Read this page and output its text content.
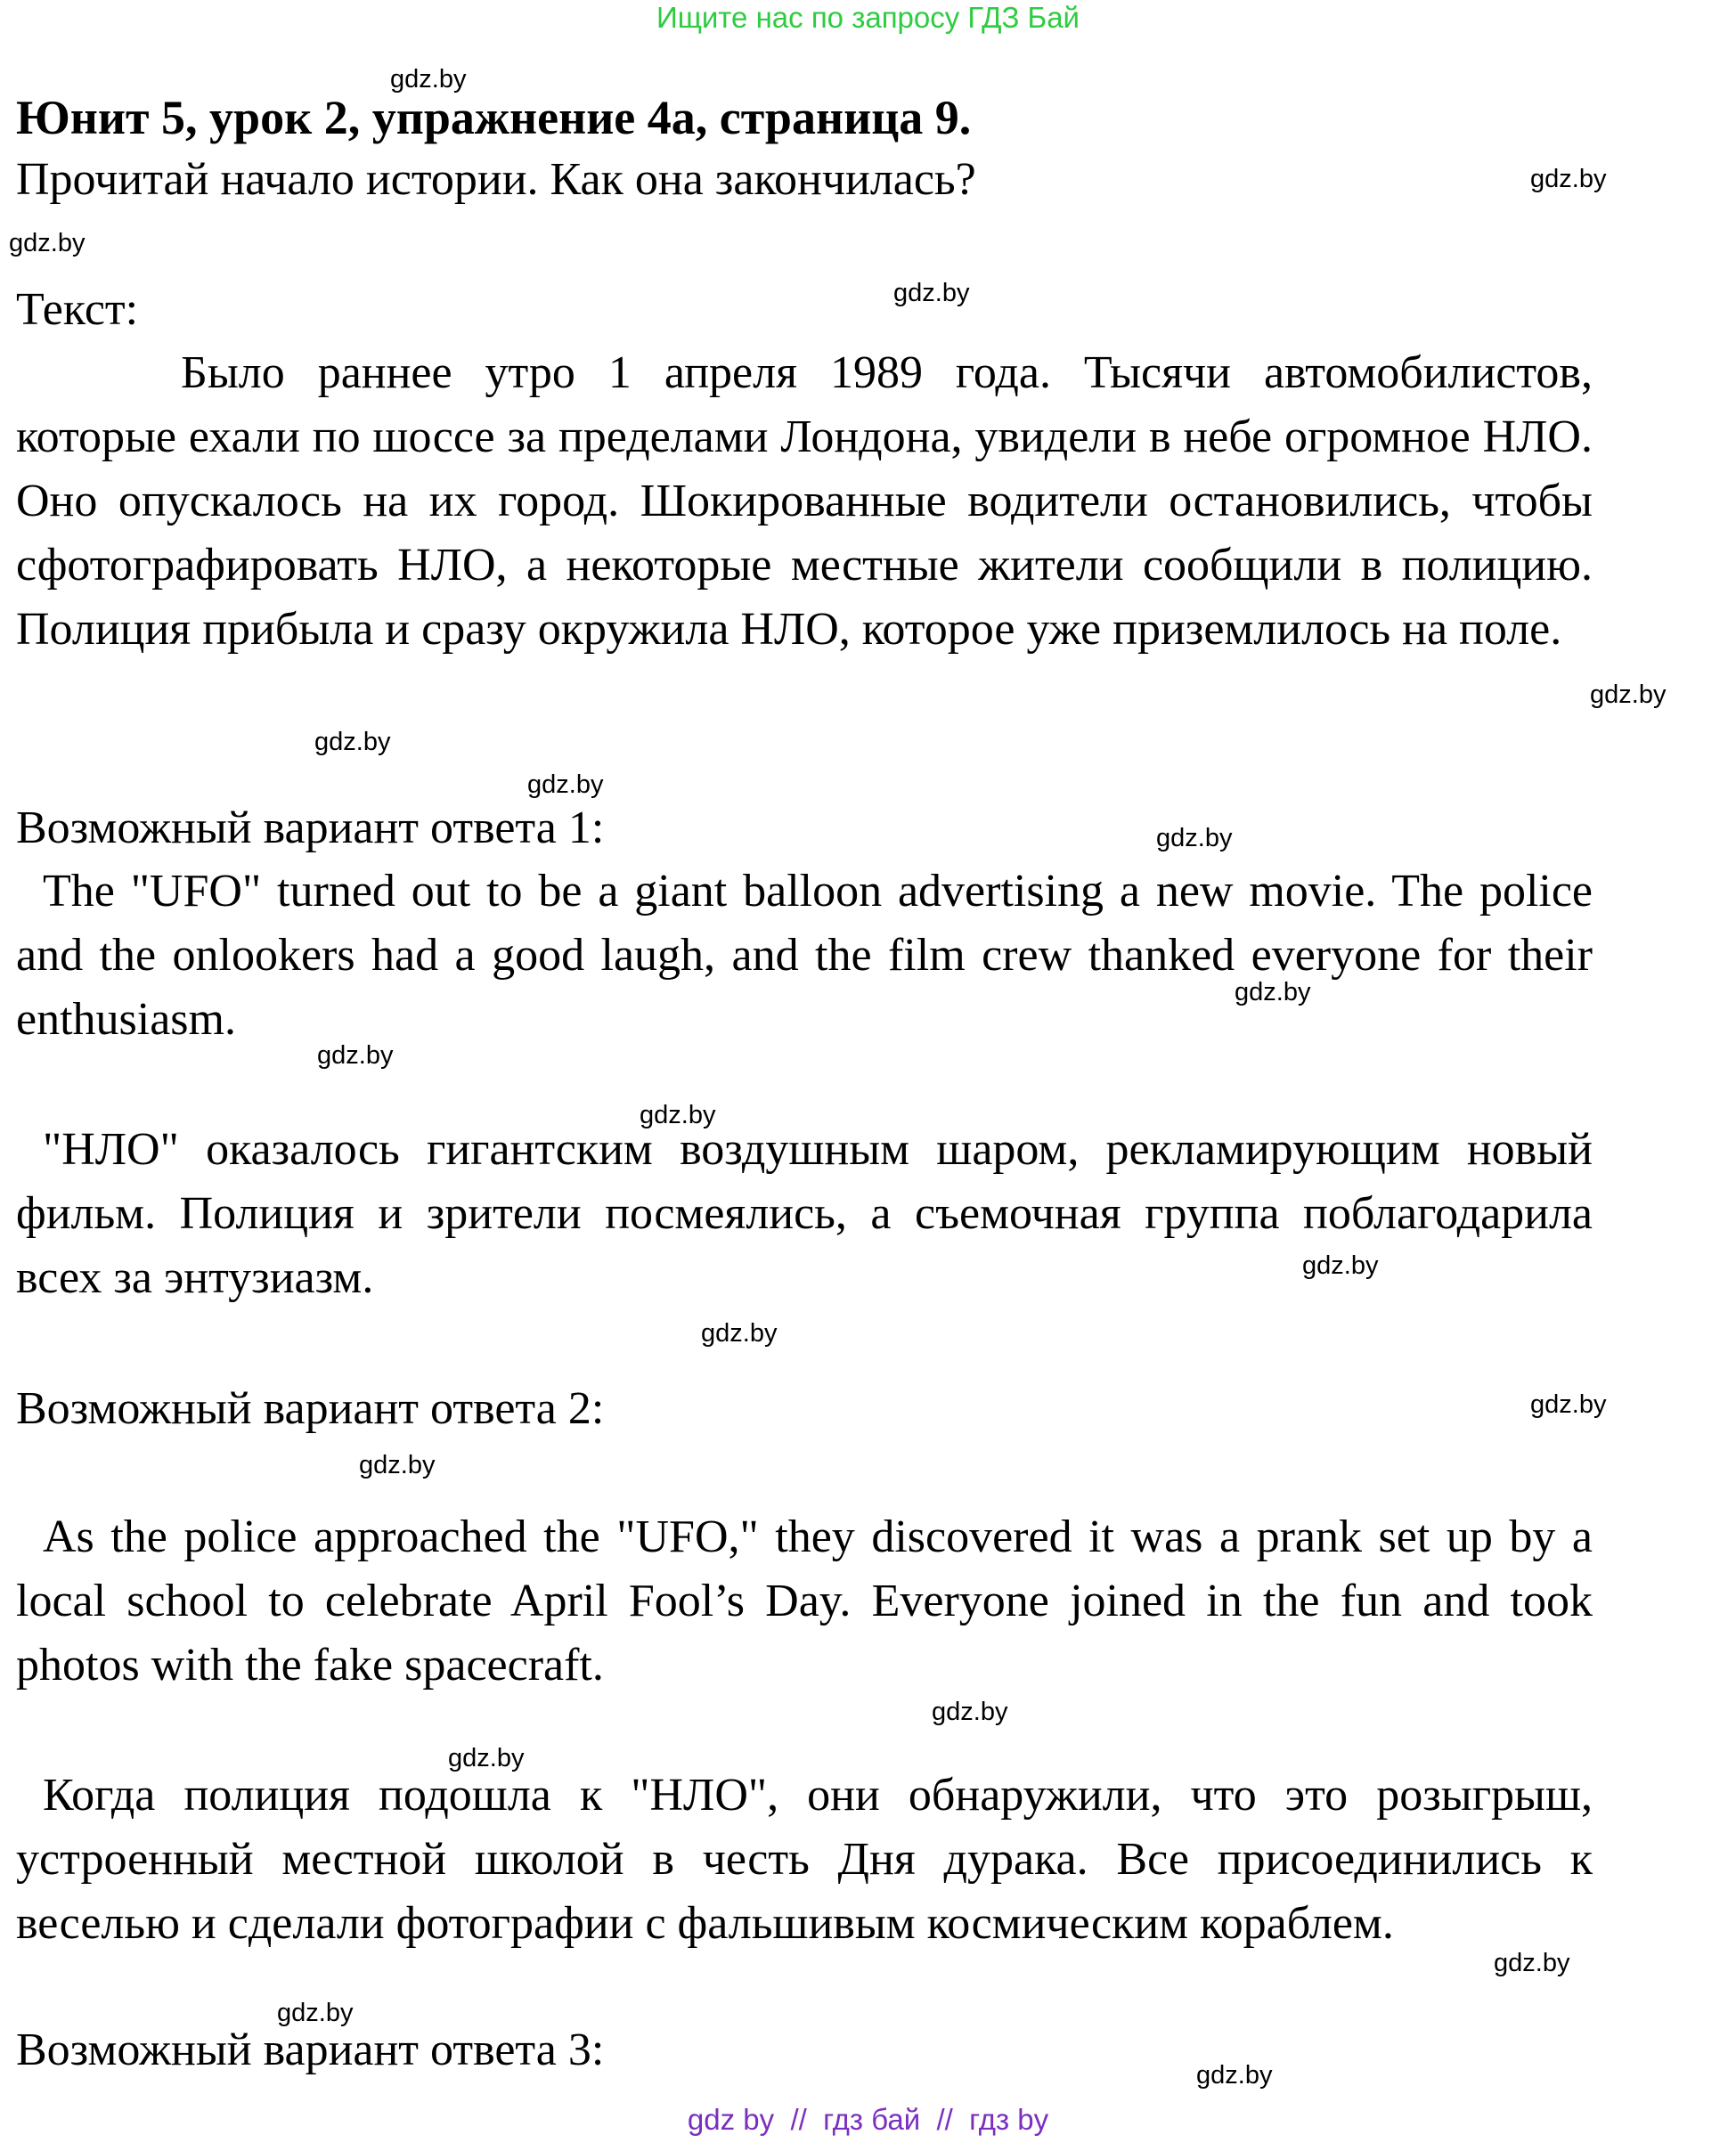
Ищите нас по запросу ГДЗ Бай
Юнит 5, урок 2, упражнение 4а, страница 9.
Прочитай начало истории. Как она закончилась?
Текст:
Было раннее утро 1 апреля 1989 года. Тысячи автомобилистов, которые ехали по шоссе за пределами Лондона, увидели в небе огромное НЛО. Оно опускалось на их город. Шокированные водители остановились, чтобы сфотографировать НЛО, а некоторые местные жители сообщили в полицию. Полиция прибыла и сразу окружила НЛО, которое уже приземлилось на поле.
Возможный вариант ответа 1:
The "UFO" turned out to be a giant balloon advertising a new movie. The police and the onlookers had a good laugh, and the film crew thanked everyone for their enthusiasm.
"НЛО" оказалось гигантским воздушным шаром, рекламирующим новый фильм. Полиция и зрители посмеялись, а съемочная группа поблагодарила всех за энтузиазм.
Возможный вариант ответа 2:
As the police approached the "UFO," they discovered it was a prank set up by a local school to celebrate April Fool’s Day. Everyone joined in the fun and took photos with the fake spacecraft.
Когда полиция подошла к "НЛО", они обнаружили, что это розыгрыш, устроенный местной школой в честь Дня дурака. Все присоединились к веселью и сделали фотографии с фальшивым космическим кораблем.
Возможный вариант ответа 3:
gdz.by
gdz.by
gdz.by
gdz.by
gdz.by
gdz.by
gdz.by
gdz.by
gdz.by
gdz.by
gdz.by
gdz.by
gdz.by
gdz.by
gdz.by
gdz.by
gdz.by
gdz.by
gdz.by
gdz.by
gdz by  //  гдз бай  //  гдз by
